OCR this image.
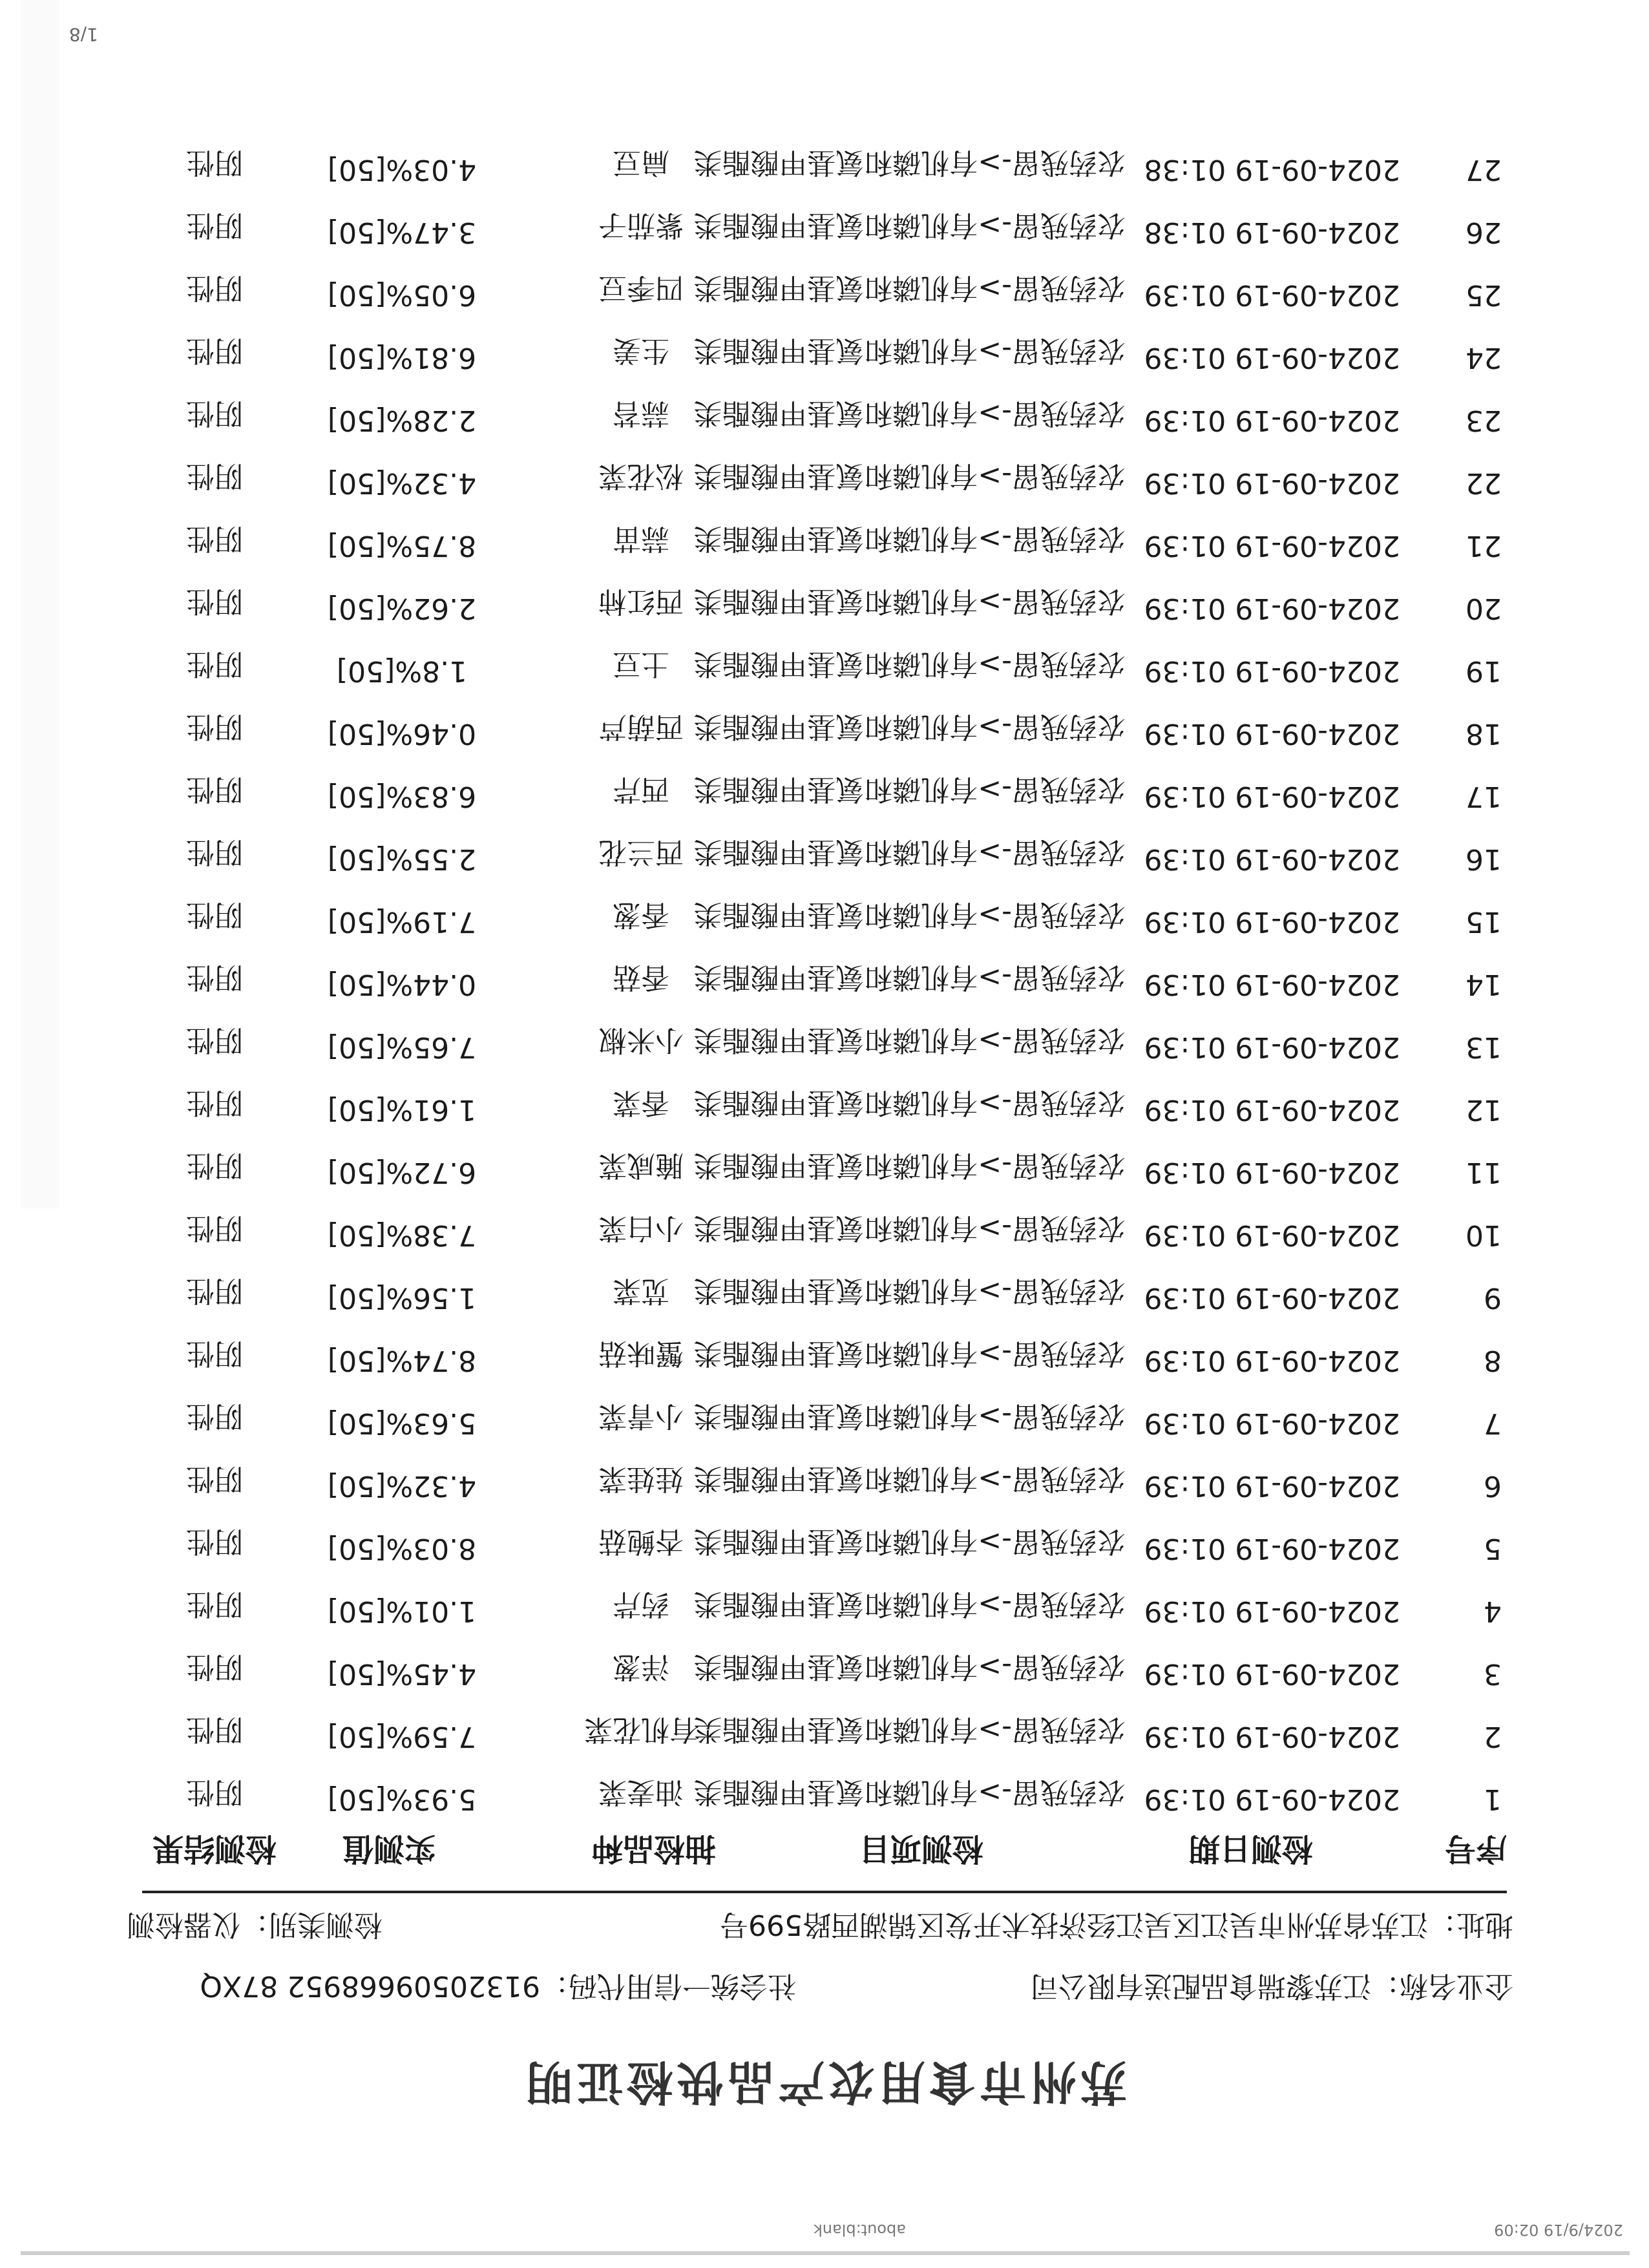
2024/9/19 02:09
about:blank
苏州市食用农产品快检证明
企业名称：江苏黎瑞食品配送有限公司
社会统一信用代码：91320509668952 87XQ
地址：江苏省苏州市吴江区吴江经济技术开发区锦湖西路599号
检测类别：仪器检测
序号
检测日期
检测项目
抽检品种
实测值
检测结果
1
2024-09-19 01:39
农药残留->有机磷和氨基甲酸酯类
油麦菜
5.93%[50]
阴性
2
2024-09-19 01:39
农药残留->有机磷和氨基甲酸酯类
有机花菜
7.59%[50]
阴性
3
2024-09-19 01:39
农药残留->有机磷和氨基甲酸酯类
洋葱
4.45%[50]
阴性
4
2024-09-19 01:39
农药残留->有机磷和氨基甲酸酯类
药芹
1.01%[50]
阴性
5
2024-09-19 01:39
农药残留->有机磷和氨基甲酸酯类
杏鲍菇
8.03%[50]
阴性
6
2024-09-19 01:39
农药残留->有机磷和氨基甲酸酯类
娃娃菜
4.32%[50]
阴性
7
2024-09-19 01:39
农药残留->有机磷和氨基甲酸酯类
小青菜
5.63%[50]
阴性
8
2024-09-19 01:39
农药残留->有机磷和氨基甲酸酯类
蟹味菇
8.74%[50]
阴性
9
2024-09-19 01:39
农药残留->有机磷和氨基甲酸酯类
苋菜
1.56%[50]
阴性
10
2024-09-19 01:39
农药残留->有机磷和氨基甲酸酯类
小白菜
7.38%[50]
阴性
11
2024-09-19 01:39
农药残留->有机磷和氨基甲酸酯类
腌咸菜
6.72%[50]
阴性
12
2024-09-19 01:39
农药残留->有机磷和氨基甲酸酯类
香菜
1.61%[50]
阴性
13
2024-09-19 01:39
农药残留->有机磷和氨基甲酸酯类
小米椒
7.65%[50]
阴性
14
2024-09-19 01:39
农药残留->有机磷和氨基甲酸酯类
香菇
0.44%[50]
阴性
15
2024-09-19 01:39
农药残留->有机磷和氨基甲酸酯类
香葱
7.19%[50]
阴性
16
2024-09-19 01:39
农药残留->有机磷和氨基甲酸酯类
西兰花
2.55%[50]
阴性
17
2024-09-19 01:39
农药残留->有机磷和氨基甲酸酯类
西芹
6.83%[50]
阴性
18
2024-09-19 01:39
农药残留->有机磷和氨基甲酸酯类
西葫芦
0.46%[50]
阴性
19
2024-09-19 01:39
农药残留->有机磷和氨基甲酸酯类
土豆
1.8%[50]
阴性
20
2024-09-19 01:39
农药残留->有机磷和氨基甲酸酯类
西红柿
2.62%[50]
阴性
21
2024-09-19 01:39
农药残留->有机磷和氨基甲酸酯类
蒜苗
8.75%[50]
阴性
22
2024-09-19 01:39
农药残留->有机磷和氨基甲酸酯类
松花菜
4.32%[50]
阴性
23
2024-09-19 01:39
农药残留->有机磷和氨基甲酸酯类
蒜苔
2.28%[50]
阴性
24
2024-09-19 01:39
农药残留->有机磷和氨基甲酸酯类
生姜
6.81%[50]
阴性
25
2024-09-19 01:39
农药残留->有机磷和氨基甲酸酯类
四季豆
6.05%[50]
阴性
26
2024-09-19 01:38
农药残留->有机磷和氨基甲酸酯类
紫茄子
3.47%[50]
阴性
27
2024-09-19 01:38
农药残留->有机磷和氨基甲酸酯类
扁豆
4.03%[50]
阴性
1/8
